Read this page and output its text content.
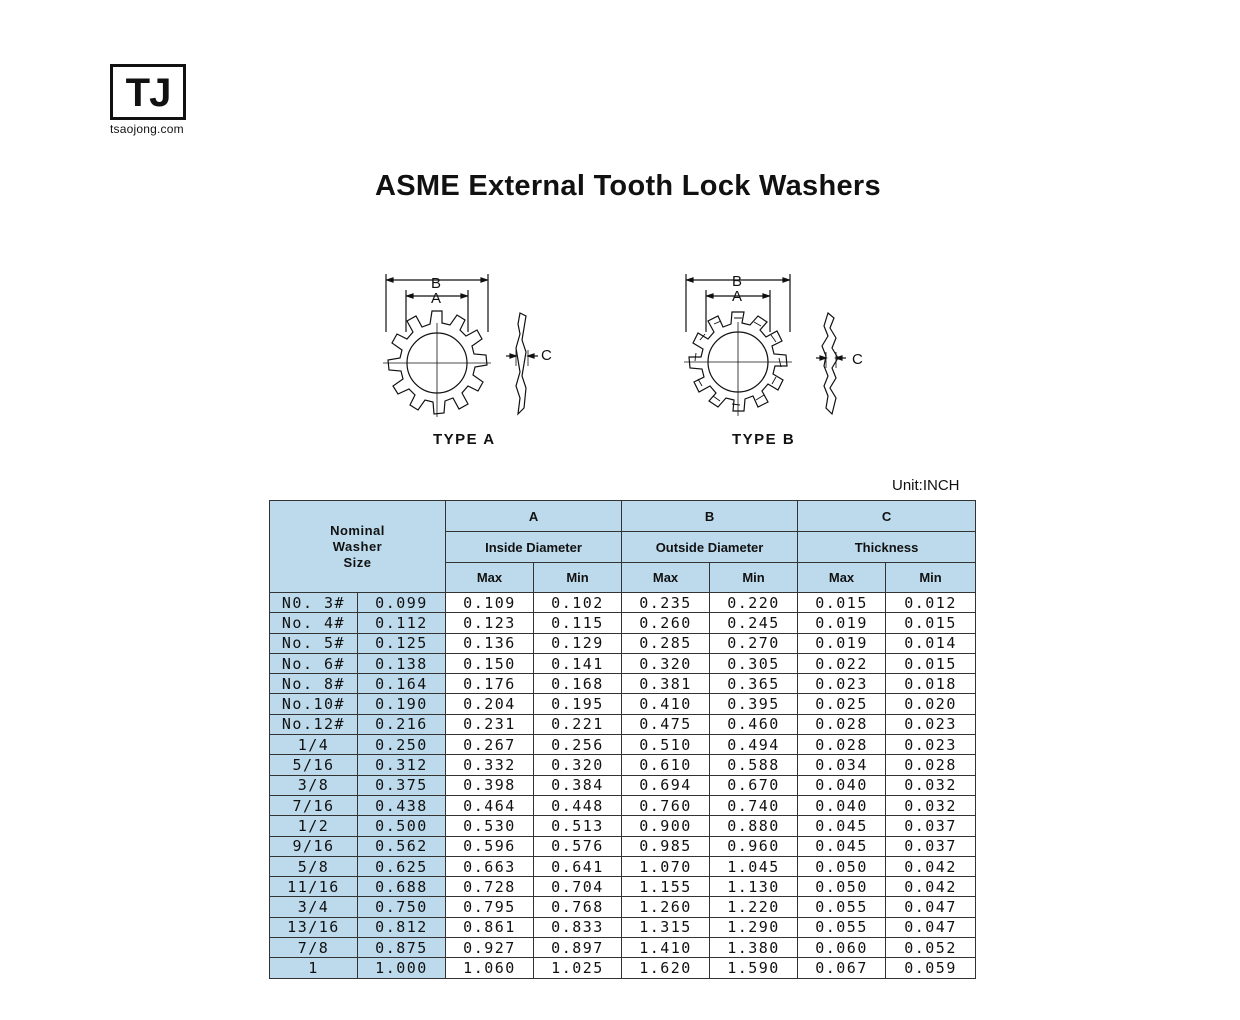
TJ
tsaojong.com
ASME External Tooth Lock Washers
B
A
C
TYPE A
B
A
C
TYPE B
Unit:INCH
Nominal Washer Size		A		B		C	
		Inside Diameter		Outside Diameter		Thickness	
		Max	Min	Max	Min	Max	Min
N0. 3#	0.099	0.109	0.102	0.235	0.220	0.015	0.012
No. 4#	0.112	0.123	0.115	0.260	0.245	0.019	0.015
No. 5#	0.125	0.136	0.129	0.285	0.270	0.019	0.014
No. 6#	0.138	0.150	0.141	0.320	0.305	0.022	0.015
No. 8#	0.164	0.176	0.168	0.381	0.365	0.023	0.018
No.10#	0.190	0.204	0.195	0.410	0.395	0.025	0.020
No.12#	0.216	0.231	0.221	0.475	0.460	0.028	0.023
1/4	0.250	0.267	0.256	0.510	0.494	0.028	0.023
5/16	0.312	0.332	0.320	0.610	0.588	0.034	0.028
3/8	0.375	0.398	0.384	0.694	0.670	0.040	0.032
7/16	0.438	0.464	0.448	0.760	0.740	0.040	0.032
1/2	0.500	0.530	0.513	0.900	0.880	0.045	0.037
9/16	0.562	0.596	0.576	0.985	0.960	0.045	0.037
5/8	0.625	0.663	0.641	1.070	1.045	0.050	0.042
11/16	0.688	0.728	0.704	1.155	1.130	0.050	0.042
3/4	0.750	0.795	0.768	1.260	1.220	0.055	0.047
13/16	0.812	0.861	0.833	1.315	1.290	0.055	0.047
7/8	0.875	0.927	0.897	1.410	1.380	0.060	0.052
1	1.000	1.060	1.025	1.620	1.590	0.067	0.059
